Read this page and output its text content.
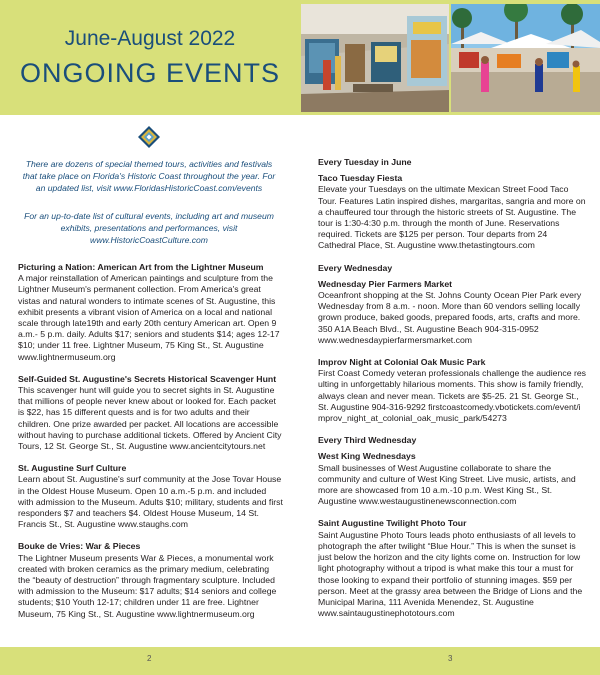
June-August 2022
ONGOING EVENTS
There are dozens of special themed tours, activities and festivals that take place on Florida's Historic Coast throughout the year. For an updated list, visit www.FloridasHistoricCoast.com/events
For an up-to-date list of cultural events, including art and museum exhibits, presentations and performances, visit www.HistoricCoastCulture.com
Picturing a Nation: American Art from the Lightner Museum

A major reinstallation of American paintings and sculpture from the Lightner Museum's permanent collection. From America's great vistas and natural wonders to intimate scenes of St. Augustine, this exhibit presents a vibrant vision of America on a local and national scale through late19th and early 20th century American art. Open 9 a.m.- 5 p.m. daily. Adults $17; seniors and students $14; ages 12-17 $10; under 11 free. Lightner Museum, 75 King St., St. Augustine www.lightnermuseum.org

Self-Guided St. Augustine's Secrets Historical Scavenger Hunt

This scavenger hunt will guide you to secret sights in St. Augustine that millions of people never knew about or looked for. Each packet is $22, has 15 different quests and is for two adults and their children. One prize awarded per packet. All locations are accessible without having to purchase additional tickets. Offered by Ancient City Tours, 12 St. George St., St. Augustine www.ancientcitytours.net

St. Augustine Surf Culture

Learn about St. Augustine's surf community at the Jose Tovar House in the Oldest House Museum. Open 10 a.m.-5 p.m. and included with admission to the Museum. Adults $10; military, students and first responders $7 and teachers $4. Oldest House Museum, 14 St. Francis St., St. Augustine www.staughs.com

Bouke de Vries: War & Pieces

The Lightner Museum presents War & Pieces, a monumental work created with broken ceramics as the primary medium, celebrating the “beauty of destruction” through fragmentary sculpture. Included with admission to the Museum: $17 adults; $14 seniors and college students; $10 Youth 12-17; children under 11 are free. Lightner Museum, 75 King St., St. Augustine www.lightnermuseum.org

Every Tuesday in June
Taco Tuesday Fiesta

Elevate your Tuesdays on the ultimate Mexican Street Food Taco Tour. Features Latin inspired dishes, margaritas, sangria and more on a chauffeured tour through the historic streets of St. Augustine. The tour is 1:30-4:30 p.m. through the month of June. Reservations required. Tickets are $125 per person. Tour departs from 24 Cathedral Place, St. Augustine www.thetastingtours.com

Every Wednesday
Wednesday Pier Farmers Market

Oceanfront shopping at the St. Johns County Ocean Pier Park every Wednesday from 8 a.m. - noon. More than 60 vendors selling locally grown produce, baked goods, prepared foods, arts, crafts and more. 350 A1A Beach Blvd., St. Augustine Beach 904-315-0952 www.wednesdaypierfarmersmarket.com

Improv Night at Colonial Oak Music Park

First Coast Comedy veteran professionals challenge the audience resulting in unforgettably hilarious moments. This show is family friendly, always clean and never mean. Tickets are $5-25. 21 St. George St., St. Augustine 904-316-9292 firstcoastcomedy.vbotickets.com/event/improv_night_at_colonial_oak_music_park/54273

Every Third Wednesday
West King Wednesdays

Small businesses of West Augustine collaborate to share the community and culture of West King Street. Live music, artists, and more are showcased from 10 a.m.-10 p.m. West King St., St. Augustine www.westaugustinenewsconnection.com

Saint Augustine Twilight Photo Tour

Saint Augustine Photo Tours leads photo enthusiasts of all levels to photograph the after twilight “Blue Hour.” This is when the sunset is just below the horizon and the city lights come on. Instruction for low light photography without a tripod is what make this tour a must for those looking to expand their portfolio of stunning images. $59 per person. Meet at the grassy area between the Bridge of Lions and the Municipal Marina, 111 Avenida Menendez, St. Augustine www.saintaugustinephototours.com

2	3
